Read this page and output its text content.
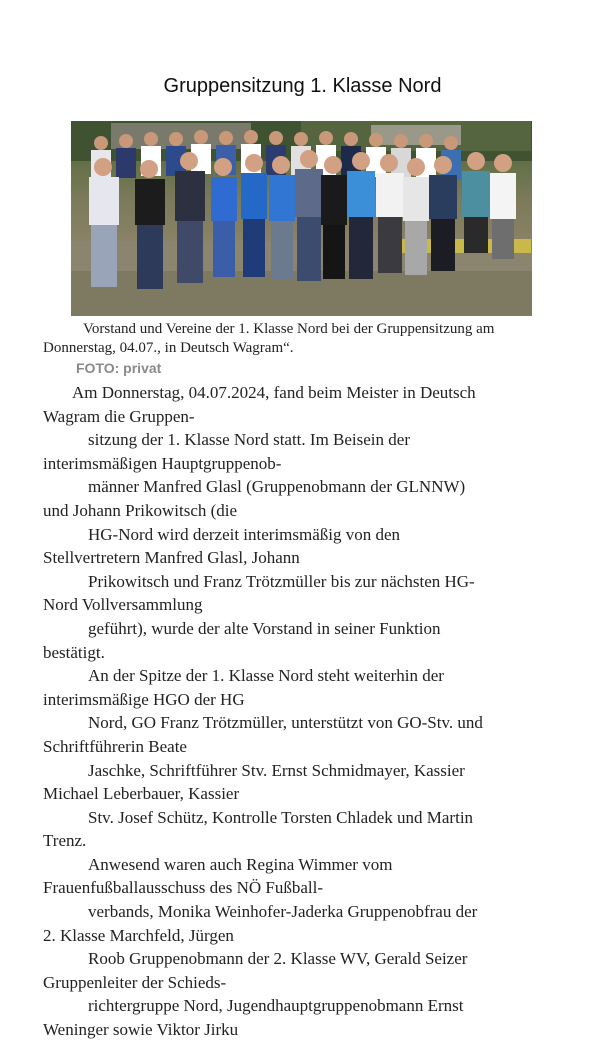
Gruppensitzung 1. Klasse Nord

Vorstand und Vereine der 1. Klasse Nord bei der Gruppensitzung am Donnerstag, 04.07., in Deutsch Wagram“.

FOTO: privat

Am Donnerstag, 04.07.2024, fand beim Meister in Deutsch
Wagram die Gruppen-
sitzung der 1. Klasse Nord statt. Im Beisein der
interimsmäßigen Hauptgruppenob-
männer Manfred Glasl (Gruppenobmann der GLNNW)
und Johann Prikowitsch (die
HG-Nord wird derzeit interimsmäßig von den
Stellvertretern Manfred Glasl, Johann
Prikowitsch und Franz Trötzmüller bis zur nächsten HG-
Nord Vollversammlung
geführt), wurde der alte Vorstand in seiner Funktion
bestätigt.
An der Spitze der 1. Klasse Nord steht weiterhin der
interimsmäßige HGO der HG
Nord, GO Franz Trötzmüller, unterstützt von GO-Stv. und
Schriftführerin Beate
Jaschke, Schriftführer Stv. Ernst Schmidmayer, Kassier
Michael Leberbauer, Kassier
Stv. Josef Schütz, Kontrolle Torsten Chladek und Martin
Trenz.
Anwesend waren auch Regina Wimmer vom
Frauenfußballausschuss des NÖ Fußball-
verbands, Monika Weinhofer-Jaderka Gruppenobfrau der
2. Klasse Marchfeld, Jürgen
Roob Gruppenobmann der 2. Klasse WV, Gerald Seizer
Gruppenleiter der Schieds-
richtergruppe Nord, Jugendhauptgruppenobmann Ernst
Weninger sowie Viktor Jirku
